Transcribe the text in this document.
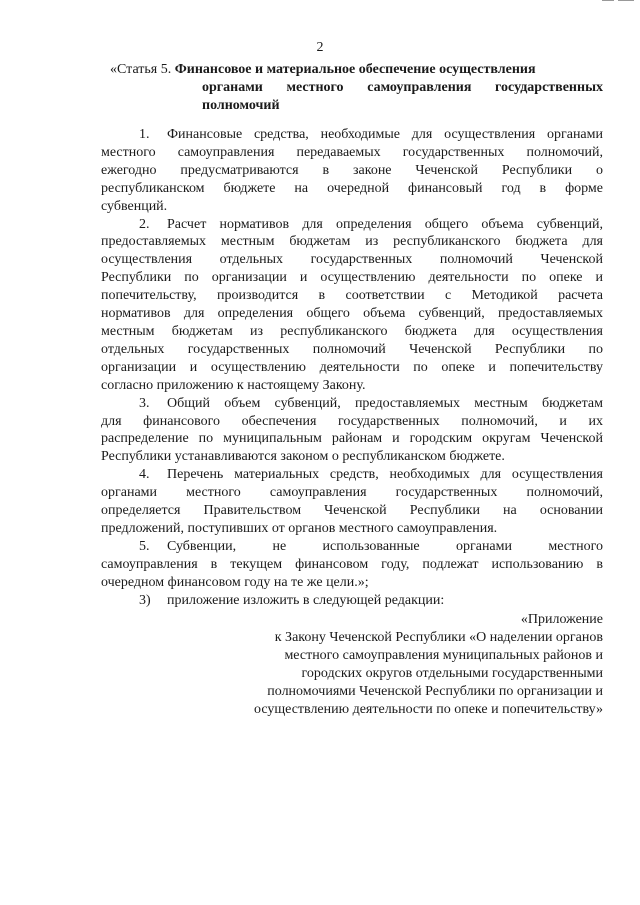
2
«Статья 5. Финансовое и материальное обеспечение осуществления
органами местного самоуправления государственных
полномочий
1. Финансовые средства, необходимые для осуществления органами
местного самоуправления передаваемых государственных полномочий,
ежегодно предусматриваются в законе Чеченской Республики о
республиканском бюджете на очередной финансовый год в форме
субвенций.
2. Расчет нормативов для определения общего объема субвенций,
предоставляемых местным бюджетам из республиканского бюджета для
осуществления отдельных государственных полномочий Чеченской
Республики по организации и осуществлению деятельности по опеке и
попечительству, производится в соответствии с Методикой расчета
нормативов для определения общего объема субвенций, предоставляемых
местным бюджетам из республиканского бюджета для осуществления
отдельных государственных полномочий Чеченской Республики по
организации и осуществлению деятельности по опеке и попечительству
согласно приложению к настоящему Закону.
3. Общий объем субвенций, предоставляемых местным бюджетам
для финансового обеспечения государственных полномочий, и их
распределение по муниципальным районам и городским округам Чеченской
Республики устанавливаются законом о республиканском бюджете.
4. Перечень материальных средств, необходимых для осуществления
органами местного самоуправления государственных полномочий,
определяется Правительством Чеченской Республики на основании
предложений, поступивших от органов местного самоуправления.
5. Субвенции, не использованные органами местного
самоуправления в текущем финансовом году, подлежат использованию в
очередном финансовом году на те же цели.»;
3) приложение изложить в следующей редакции:
«Приложение
к Закону Чеченской Республики «О наделении органов
местного самоуправления муниципальных районов и
городских округов отдельными государственными
полномочиями Чеченской Республики по организации и
осуществлению деятельности по опеке и попечительству»
